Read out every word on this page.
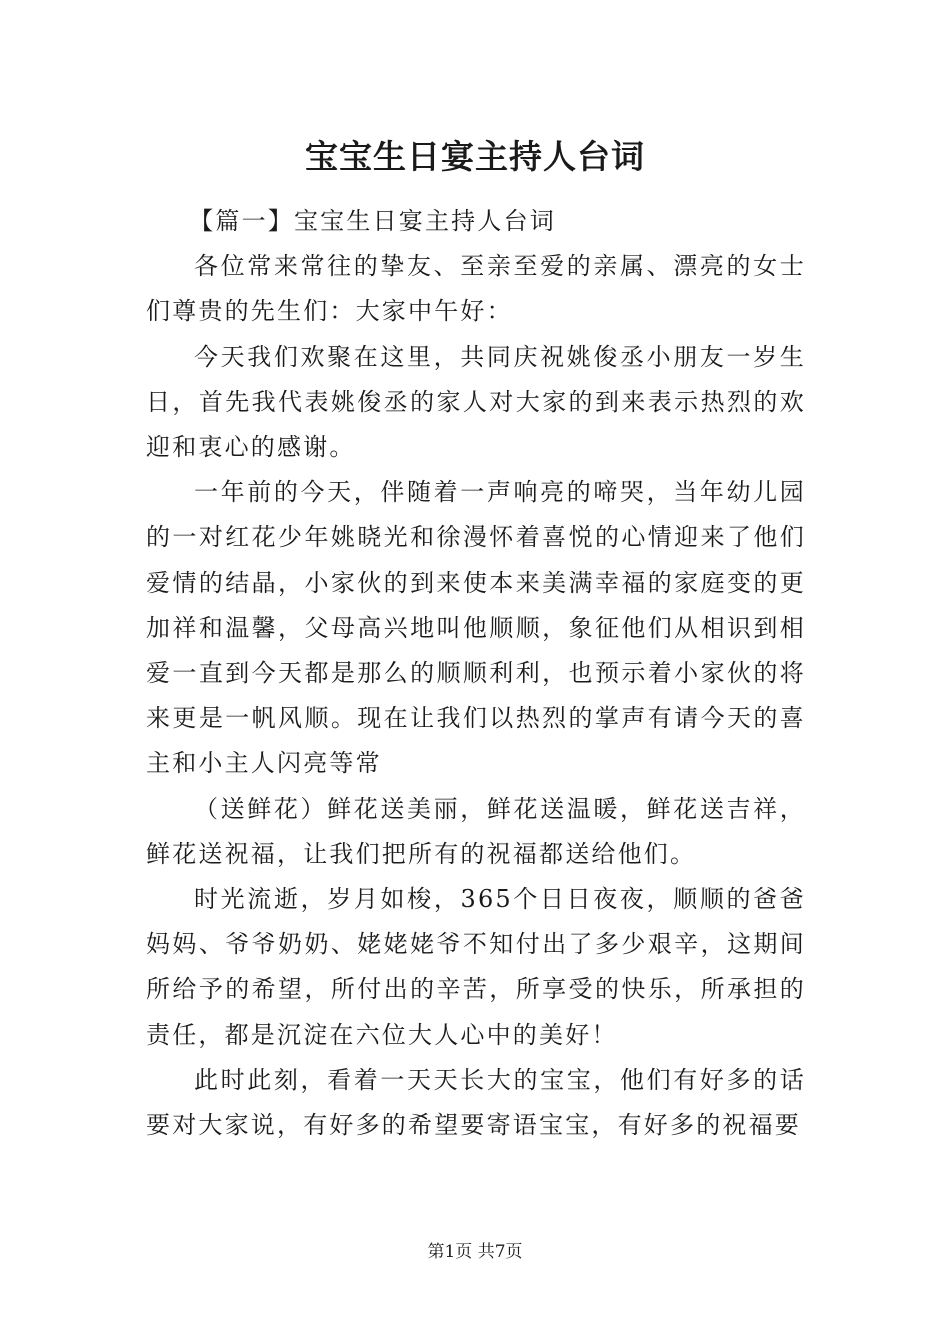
宝宝生日宴主持人台词

【篇一】宝宝生日宴主持人台词

各位常来常往的挚友、至亲至爱的亲属、漂亮的女士们尊贵的先生们：大家中午好：

今天我们欢聚在这里，共同庆祝姚俊丞小朋友一岁生日，首先我代表姚俊丞的家人对大家的到来表示热烈的欢迎和衷心的感谢。

一年前的今天，伴随着一声响亮的啼哭，当年幼儿园的一对红花少年姚晓光和徐漫怀着喜悦的心情迎来了他们爱情的结晶，小家伙的到来使本来美满幸福的家庭变的更加祥和温馨，父母高兴地叫他顺顺，象征他们从相识到相爱一直到今天都是那么的顺顺利利，也预示着小家伙的将来更是一帆风顺。现在让我们以热烈的掌声有请今天的喜主和小主人闪亮等常

（送鲜花）鲜花送美丽，鲜花送温暖，鲜花送吉祥，鲜花送祝福，让我们把所有的祝福都送给他们。

时光流逝，岁月如梭，365个日日夜夜，顺顺的爸爸妈妈、爷爷奶奶、姥姥姥爷不知付出了多少艰辛，这期间所给予的希望，所付出的辛苦，所享受的快乐，所承担的责任，都是沉淀在六位大人心中的美好！

此时此刻，看着一天天长大的宝宝，他们有好多的话要对大家说，有好多的希望要寄语宝宝，有好多的祝福要

第1页 共7页
